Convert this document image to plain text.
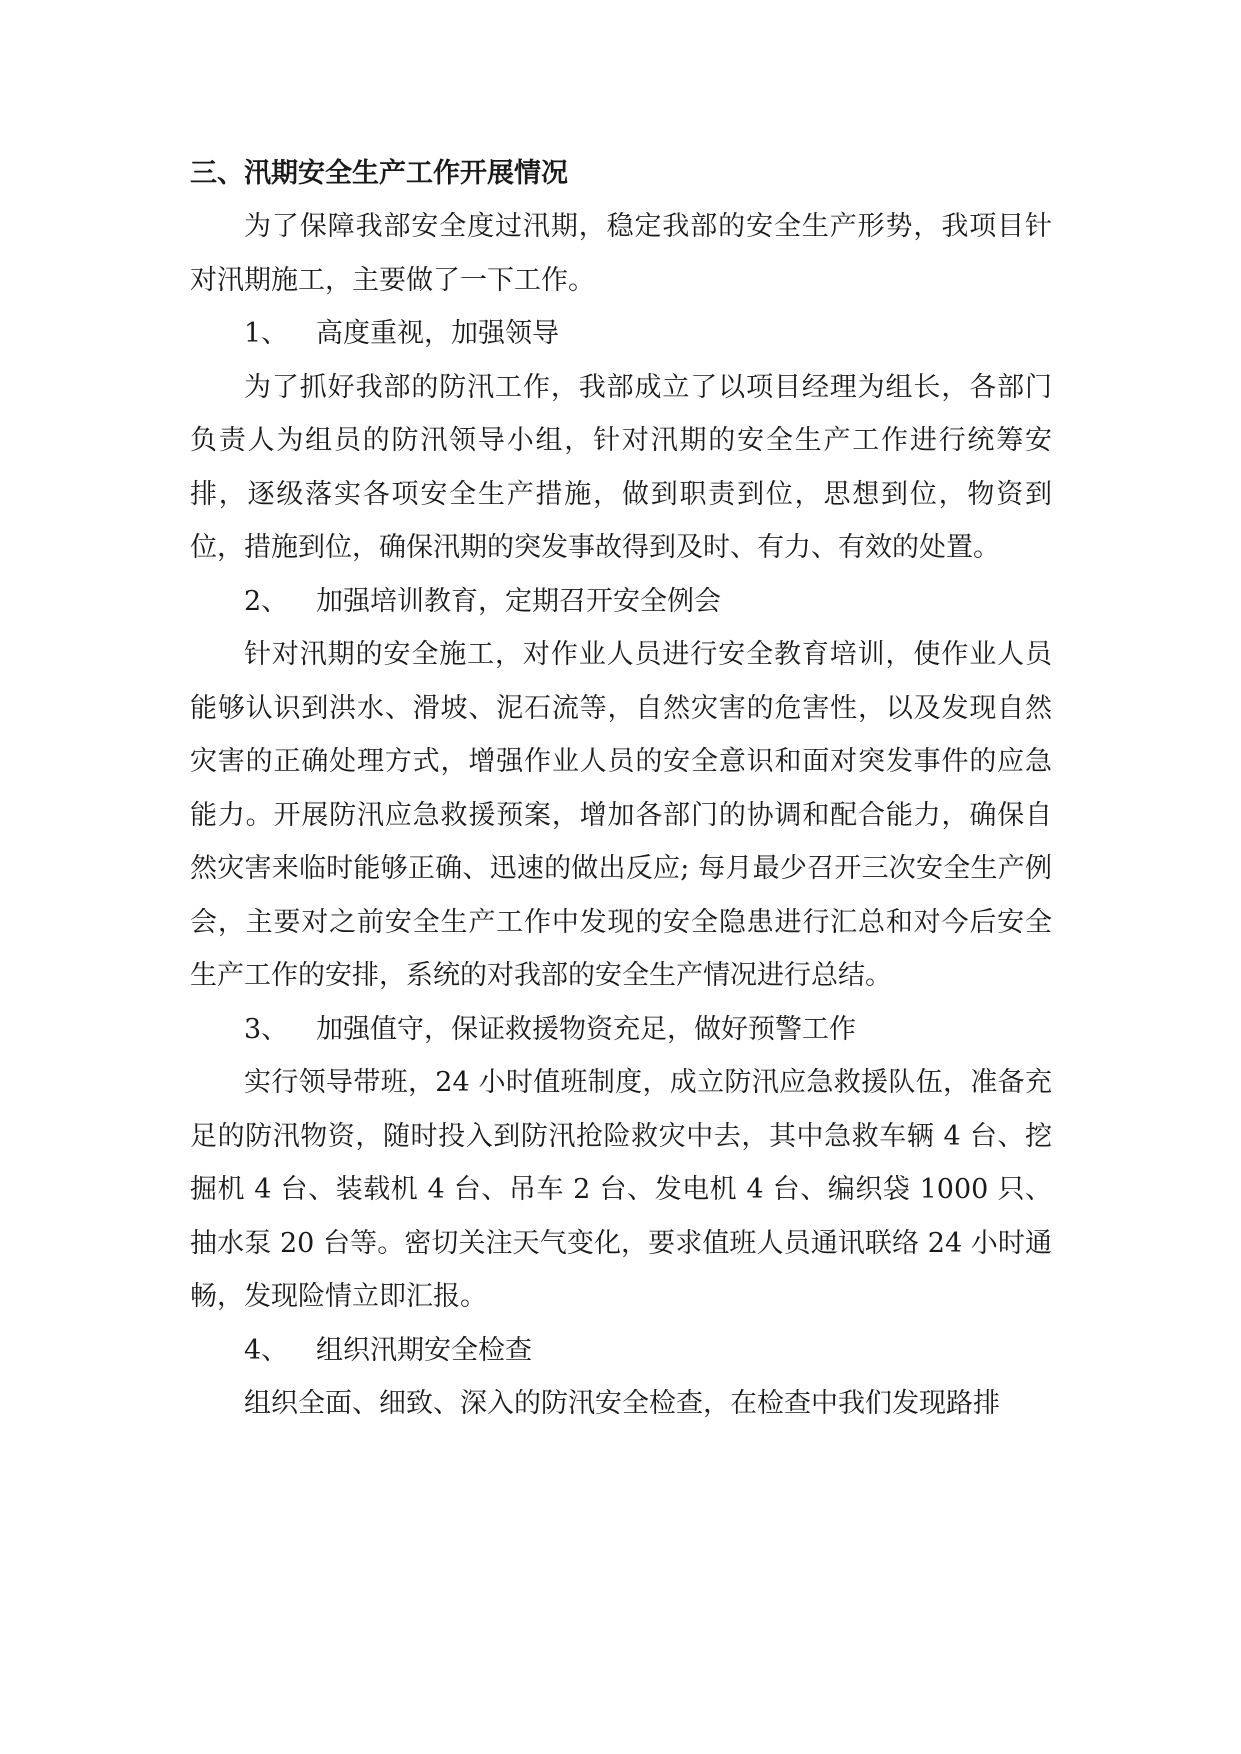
三、汛期安全生产工作开展情况

为了保障我部安全度过汛期，稳定我部的安全生产形势，我项目针对汛期施工，主要做了一下工作。

1、 高度重视，加强领导

为了抓好我部的防汛工作，我部成立了以项目经理为组长，各部门负责人为组员的防汛领导小组，针对汛期的安全生产工作进行统筹安排，逐级落实各项安全生产措施，做到职责到位，思想到位，物资到位，措施到位，确保汛期的突发事故得到及时、有力、有效的处置。

2、 加强培训教育，定期召开安全例会

针对汛期的安全施工，对作业人员进行安全教育培训，使作业人员能够认识到洪水、滑坡、泥石流等，自然灾害的危害性，以及发现自然灾害的正确处理方式，增强作业人员的安全意识和面对突发事件的应急能力。开展防汛应急救援预案，增加各部门的协调和配合能力，确保自然灾害来临时能够正确、迅速的做出反应; 每月最少召开三次安全生产例会，主要对之前安全生产工作中发现的安全隐患进行汇总和对今后安全生产工作的安排，系统的对我部的安全生产情况进行总结。

3、 加强值守，保证救援物资充足，做好预警工作

实行领导带班，24 小时值班制度，成立防汛应急救援队伍，准备充足的防汛物资，随时投入到防汛抢险救灾中去，其中急救车辆 4 台、挖掘机 4 台、装载机 4 台、吊车 2 台、发电机 4 台、编织袋 1000 只、抽水泵 20 台等。密切关注天气变化，要求值班人员通讯联络 24 小时通畅，发现险情立即汇报。

4、 组织汛期安全检查

组织全面、细致、深入的防汛安全检查，在检查中我们发现路排
